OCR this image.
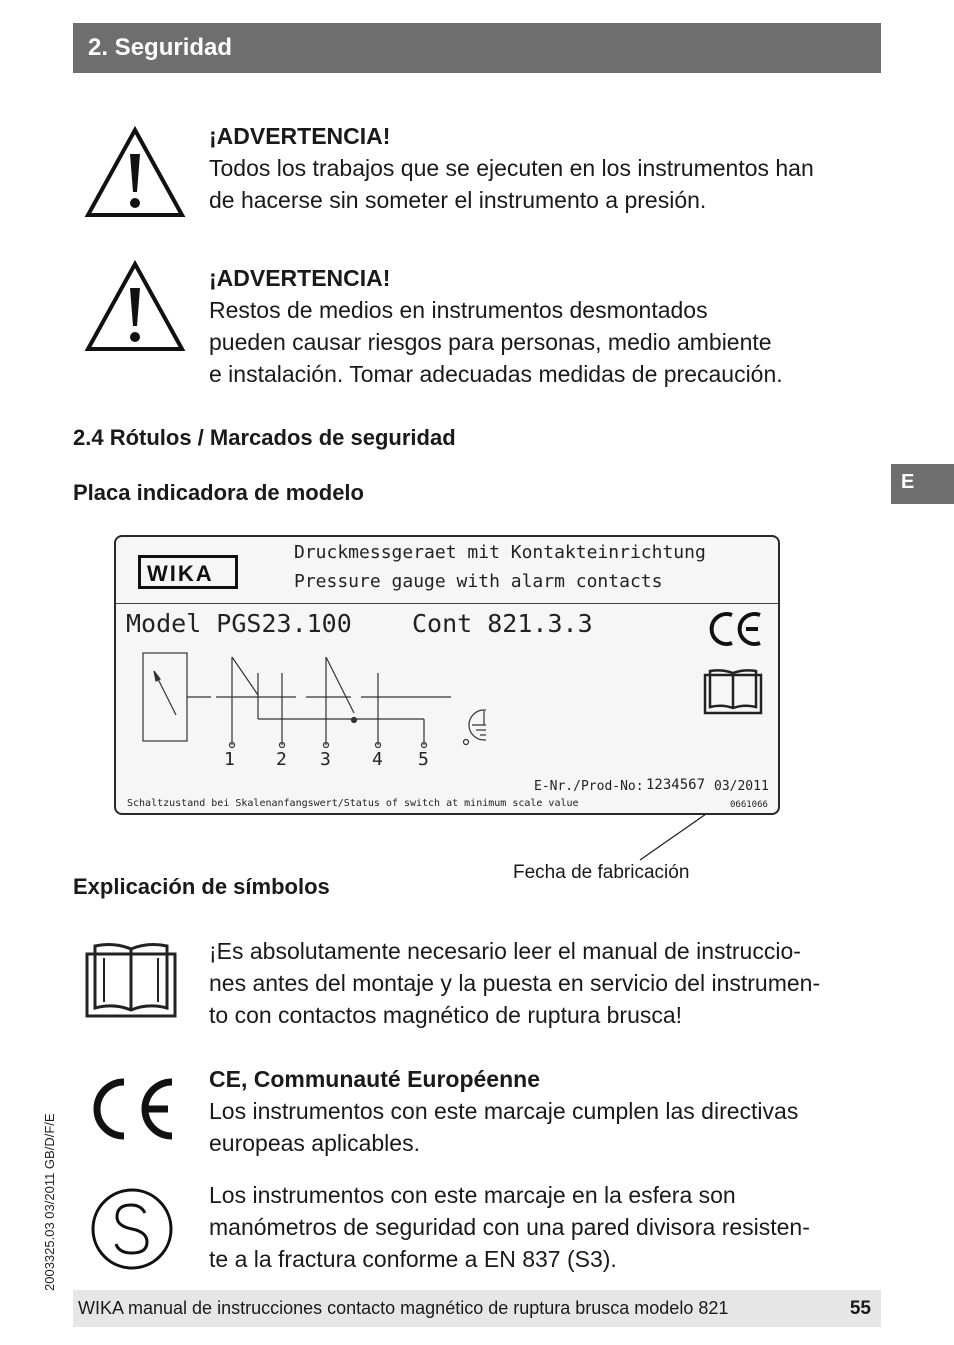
2. Seguridad
E
¡ADVERTENCIA!
Todos los trabajos que se ejecuten en los instrumentos han
de hacerse sin someter el instrumento a presión.
¡ADVERTENCIA!
Restos de medios en instrumentos desmontados
pueden causar riesgos para personas, medio ambiente
e instalación. Tomar adecuadas medidas de precaución.
2.4 Rótulos / Marcados de seguridad
Placa indicadora de modelo
WIKA
Druckmessgeraet mit Kontakteinrichtung
Pressure gauge with alarm contacts
Model PGS23.100 Cont 821.3.3
1 2 3 4 5
E-Nr./Prod-No: 1234567 03/2011
Schaltzustand bei Skalenanfangswert/Status of switch at minimum scale value	0661066
Fecha de fabricación
Explicación de símbolos
¡Es absolutamente necesario leer el manual de instruccio-
nes antes del montaje y la puesta en servicio del instrumen-
to con contactos magnético de ruptura brusca!
CE, Communauté Européenne
Los instrumentos con este marcaje cumplen las directivas
europeas aplicables.
Los instrumentos con este marcaje en la esfera son
manómetros de seguridad con una pared divisora resisten-
te a la fractura conforme a EN 837 (S3).
2003325.03 03/2011 GB/D/F/E
WIKA manual de instrucciones contacto magnético de ruptura brusca modelo 821	55
